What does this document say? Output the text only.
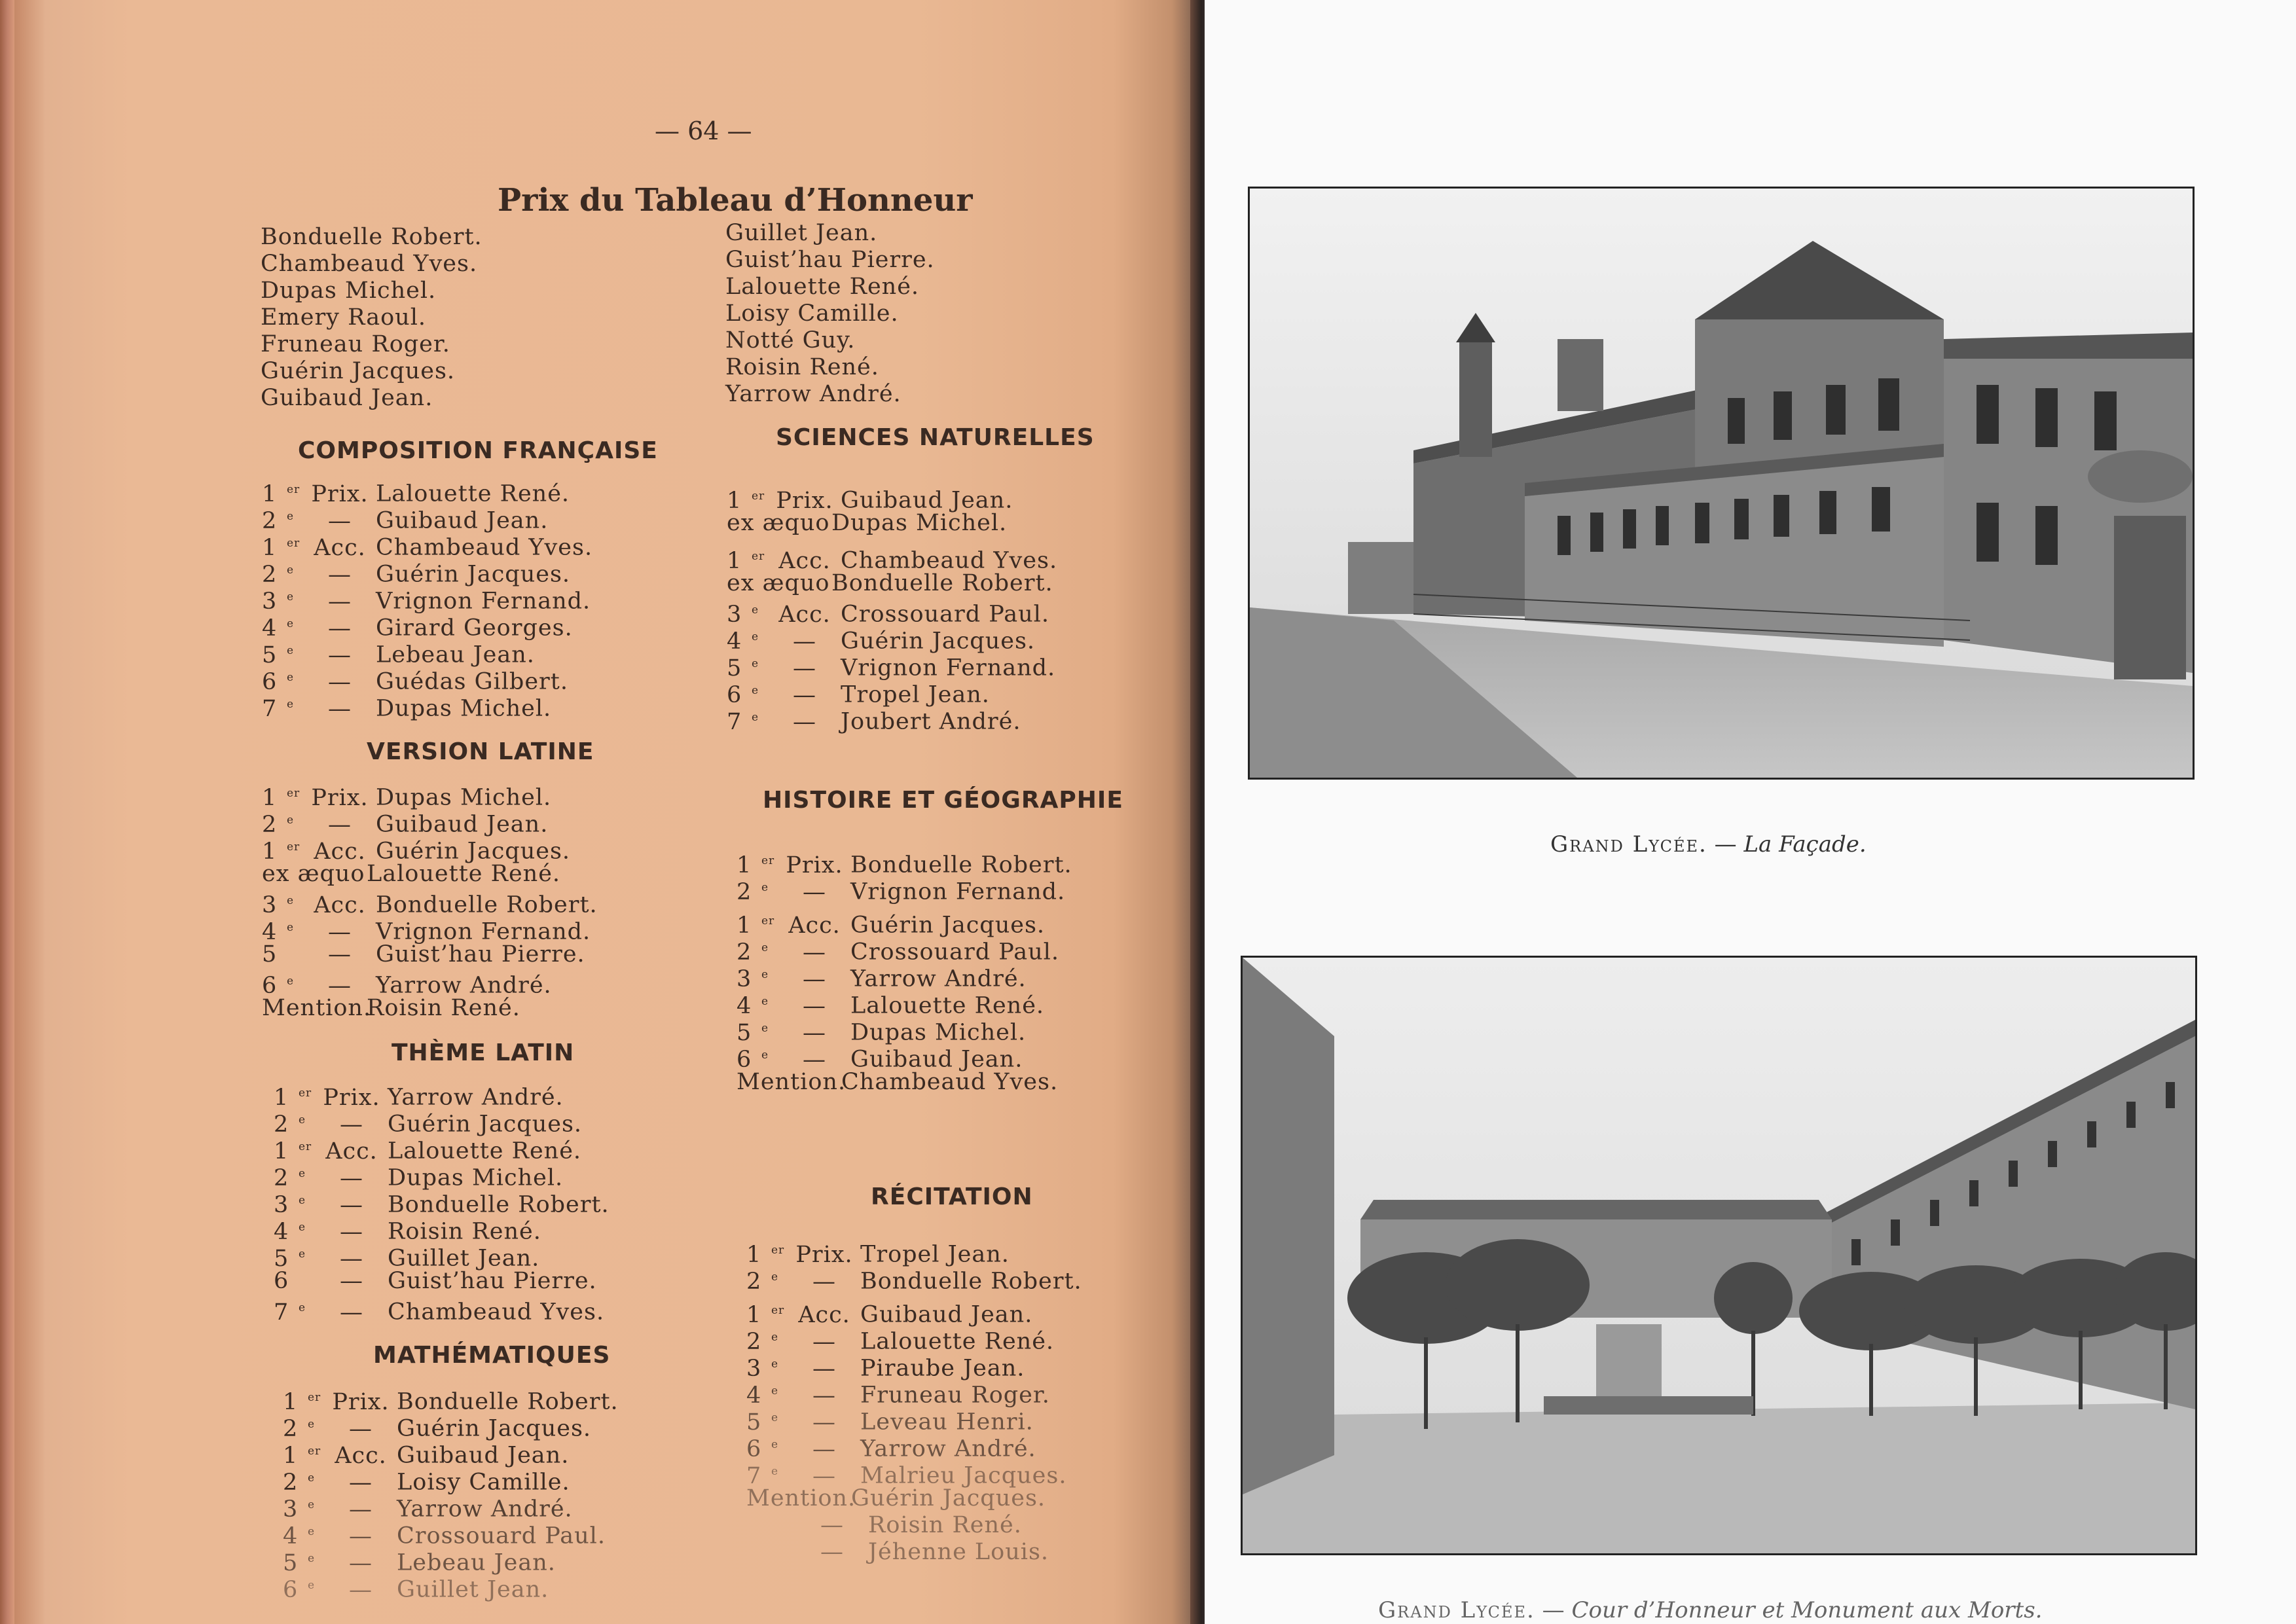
— 64 —
Prix du Tableau d’Honneur
Bonduelle Robert.
Chambeaud Yves.
Dupas Michel.
Emery Raoul.
Fruneau Roger.
Guérin Jacques.
Guibaud Jean.
Guillet Jean.
Guist’hau Pierre.
Lalouette René.
Loisy Camille.
Notté Guy.
Roisin René.
Yarrow André.
COMPOSITION FRANÇAISE
1 $^{er}$ Prix. Lalouette René.
2 $^e$ — Guibaud Jean.
1 $^{er}$ Acc. Chambeaud Yves.
2 $^e$ — Guérin Jacques.
3 $^e$ — Vrignon Fernand.
4 $^e$ — Girard Georges.
5 $^e$ — Lebeau Jean.
6 $^e$ — Guédas Gilbert.
7 $^e$ — Dupas Michel.
VERSION LATINE
1 $^{er}$ Prix. Dupas Michel.
2 $^e$ — Guibaud Jean.
1 $^{er}$ Acc. Guérin Jacques.
ex æquoLalouette René.
3 $^e$ Acc. Bonduelle Robert.
4 $^e$ — Vrignon Fernand.
5 — Guist’hau Pierre.
6 $^e$ — Yarrow André.
Mention.Roisin René.
THÈME LATIN
1 $^{er}$ Prix. Yarrow André.
2 $^e$ — Guérin Jacques.
1 $^{er}$ Acc. Lalouette René.
2 $^e$ — Dupas Michel.
3 $^e$ — Bonduelle Robert.
4 $^e$ — Roisin René.
5 $^e$ — Guillet Jean.
6 — Guist’hau Pierre.
7 $^e$ — Chambeaud Yves.
MATHÉMATIQUES
1 $^{er}$ Prix. Bonduelle Robert.
2 $^e$ — Guérin Jacques.
1 $^{er}$ Acc. Guibaud Jean.
2 $^e$ — Loisy Camille.
3 $^e$ — Yarrow André.
4 $^e$ — Crossouard Paul.
5 $^e$ — Lebeau Jean.
6 $^e$ — Guillet Jean.
SCIENCES NATURELLES
1 $^{er}$ Prix. Guibaud Jean.
ex æquoDupas Michel.
1 $^{er}$ Acc. Chambeaud Yves.
ex æquoBonduelle Robert.
3 $^e$ Acc. Crossouard Paul.
4 $^e$ — Guérin Jacques.
5 $^e$ — Vrignon Fernand.
6 $^e$ — Tropel Jean.
7 $^e$ — Joubert André.
HISTOIRE ET GÉOGRAPHIE
1 $^{er}$ Prix. Bonduelle Robert.
2 $^e$ — Vrignon Fernand.
1 $^{er}$ Acc. Guérin Jacques.
2 $^e$ — Crossouard Paul.
3 $^e$ — Yarrow André.
4 $^e$ — Lalouette René.
5 $^e$ — Dupas Michel.
6 $^e$ — Guibaud Jean.
Mention.Chambeaud Yves.
RÉCITATION
1 $^{er}$ Prix. Tropel Jean.
2 $^e$ — Bonduelle Robert.
1 $^{er}$ Acc. Guibaud Jean.
2 $^e$ — Lalouette René.
3 $^e$ — Piraube Jean.
4 $^e$ — Fruneau Roger.
5 $^e$ — Leveau Henri.
6 $^e$ — Yarrow André.
7 $^e$ — Malrieu Jacques.
Mention.Guérin Jacques.
— Roisin René.
— Jéhenne Louis.
Grand Lycée. — La Façade.
Grand Lycée. — Cour d’Honneur et Monument aux Morts.
